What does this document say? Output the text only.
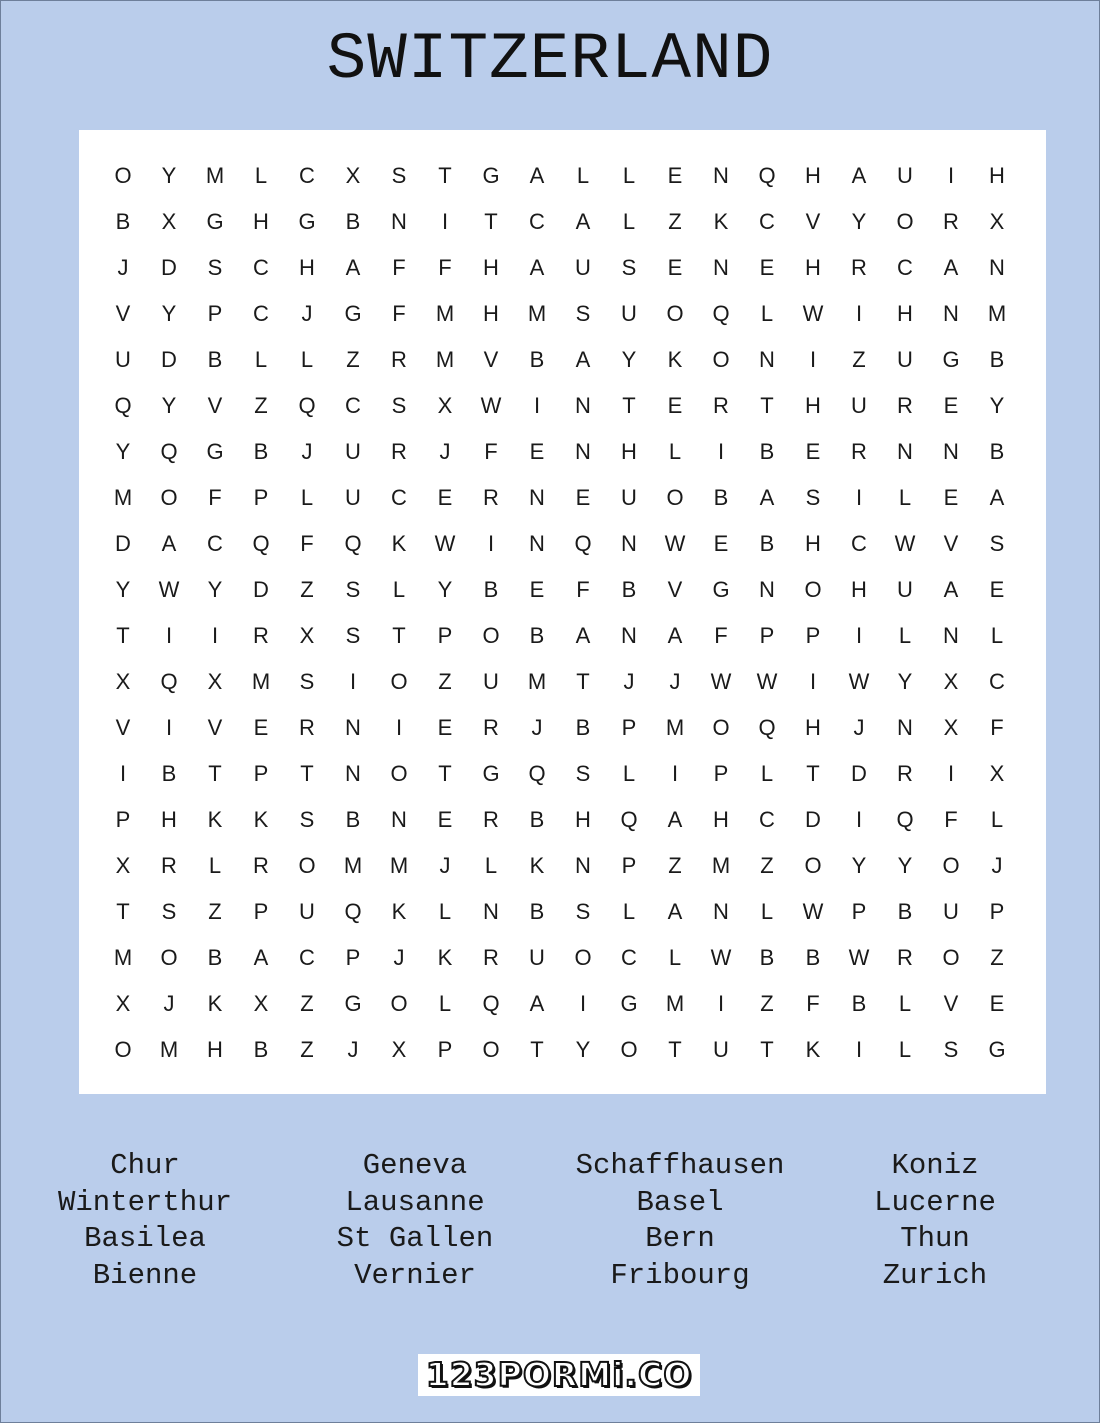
SWITZERLAND
O	Y	M	L	C	X	S	T	G	A	L	L	E	N	Q	H	A	U	I	H
B	X	G	H	G	B	N	I	T	C	A	L	Z	K	C	V	Y	O	R	X
J	D	S	C	H	A	F	F	H	A	U	S	E	N	E	H	R	C	A	N
V	Y	P	C	J	G	F	M	H	M	S	U	O	Q	L	W	I	H	N	M
U	D	B	L	L	Z	R	M	V	B	A	Y	K	O	N	I	Z	U	G	B
Q	Y	V	Z	Q	C	S	X	W	I	N	T	E	R	T	H	U	R	E	Y
Y	Q	G	B	J	U	R	J	F	E	N	H	L	I	B	E	R	N	N	B
M	O	F	P	L	U	C	E	R	N	E	U	O	B	A	S	I	L	E	A
D	A	C	Q	F	Q	K	W	I	N	Q	N	W	E	B	H	C	W	V	S
Y	W	Y	D	Z	S	L	Y	B	E	F	B	V	G	N	O	H	U	A	E
T	I	I	R	X	S	T	P	O	B	A	N	A	F	P	P	I	L	N	L
X	Q	X	M	S	I	O	Z	U	M	T	J	J	W	W	I	W	Y	X	C
V	I	V	E	R	N	I	E	R	J	B	P	M	O	Q	H	J	N	X	F
I	B	T	P	T	N	O	T	G	Q	S	L	I	P	L	T	D	R	I	X
P	H	K	K	S	B	N	E	R	B	H	Q	A	H	C	D	I	Q	F	L
X	R	L	R	O	M	M	J	L	K	N	P	Z	M	Z	O	Y	Y	O	J
T	S	Z	P	U	Q	K	L	N	B	S	L	A	N	L	W	P	B	U	P
M	O	B	A	C	P	J	K	R	U	O	C	L	W	B	B	W	R	O	Z
X	J	K	X	Z	G	O	L	Q	A	I	G	M	I	Z	F	B	L	V	E
O	M	H	B	Z	J	X	P	O	T	Y	O	T	U	T	K	I	L	S	G
Chur
Winterthur
Basilea
Bienne
Geneva
Lausanne
St Gallen
Vernier
Schaffhausen
Basel
Bern
Fribourg
Koniz
Lucerne
Thun
Zurich
123PORMi.CO
